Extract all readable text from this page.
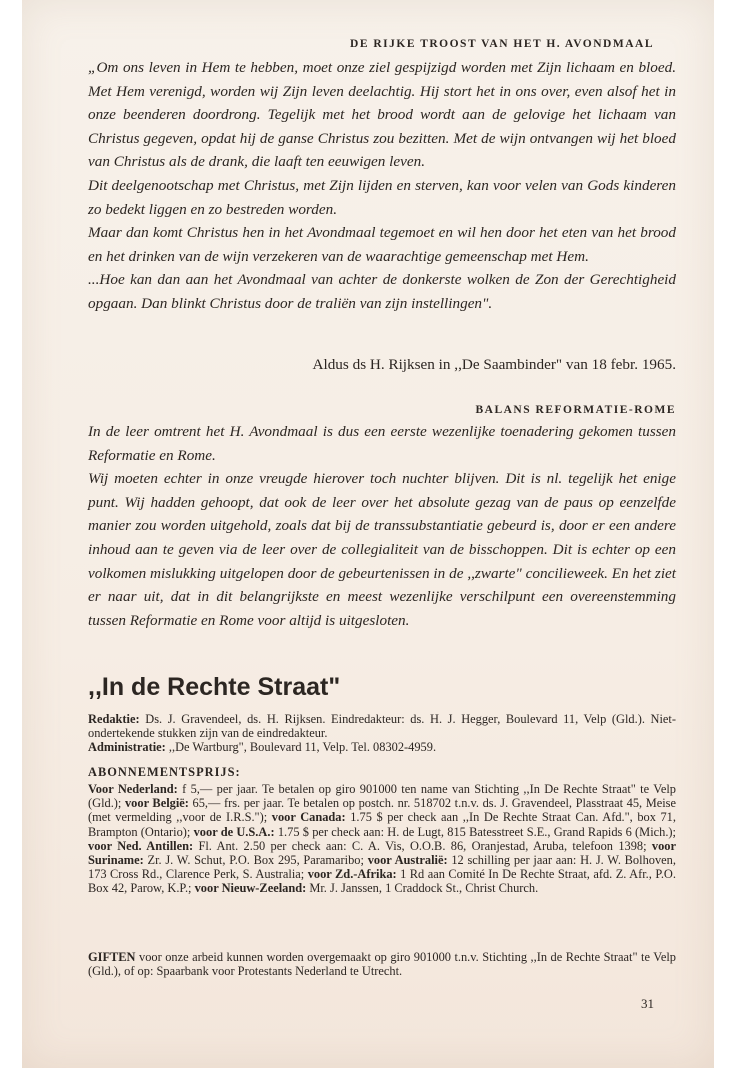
DE RIJKE TROOST VAN HET H. AVONDMAAL

„Om ons leven in Hem te hebben, moet onze ziel gespijzigd worden met Zijn lichaam en bloed. Met Hem verenigd, worden wij Zijn leven deelachtig. Hij stort het in ons over, even alsof het in onze beenderen doordrong. Tegelijk met het brood wordt aan de gelovige het lichaam van Christus gegeven, opdat hij de ganse Christus zou bezitten. Met de wijn ontvangen wij het bloed van Christus als de drank, die laaft ten eeuwigen leven.

Dit deelgenootschap met Christus, met Zijn lijden en sterven, kan voor velen van Gods kinderen zo bedekt liggen en zo bestreden worden.

Maar dan komt Christus hen in het Avondmaal tegemoet en wil hen door het eten van het brood en het drinken van de wijn verzekeren van de waarachtige gemeenschap met Hem.

...Hoe kan dan aan het Avondmaal van achter de donkerste wolken de Zon der Gerechtigheid opgaan. Dan blinkt Christus door de traliën van zijn instellingen".

Aldus ds H. Rijksen in ,,De Saambinder" van 18 febr. 1965.

BALANS REFORMATIE-ROME

In de leer omtrent het H. Avondmaal is dus een eerste wezenlijke toenadering gekomen tussen Reformatie en Rome.

Wij moeten echter in onze vreugde hierover toch nuchter blijven. Dit is nl. tegelijk het enige punt. Wij hadden gehoopt, dat ook de leer over het absolute gezag van de paus op eenzelfde manier zou worden uitgehold, zoals dat bij de transsubstantiatie gebeurd is, door er een andere inhoud aan te geven via de leer over de collegialiteit van de bisschoppen. Dit is echter op een volkomen mislukking uitgelopen door de gebeurtenissen in de ,,zwarte" concilieweek. En het ziet er naar uit, dat in dit belangrijkste en meest wezenlijke verschilpunt een overeenstemming tussen Reformatie en Rome voor altijd is uitgesloten.

,,In de Rechte Straat"

Redaktie: Ds. J. Gravendeel, ds. H. Rijksen. Eindredakteur: ds. H. J. Hegger, Boulevard 11, Velp (Gld.). Niet-ondertekende stukken zijn van de eindredakteur.

Administratie: ,,De Wartburg", Boulevard 11, Velp. Tel. 08302-4959.

ABONNEMENTSPRIJS:

Voor Nederland: f 5,— per jaar. Te betalen op giro 901000 ten name van Stichting ,,In De Rechte Straat" te Velp (Gld.); voor België: 65,— frs. per jaar. Te betalen op postch. nr. 518702 t.n.v. ds. J. Gravendeel, Plasstraat 45, Meise (met vermelding ,,voor de I.R.S."); voor Canada: 1.75 $ per check aan ,,In De Rechte Straat Can. Afd.", box 71, Brampton (Ontario); voor de U.S.A.: 1.75 $ per check aan: H. de Lugt, 815 Batesstreet S.E., Grand Rapids 6 (Mich.); voor Ned. Antillen: Fl. Ant. 2.50 per check aan: C. A. Vis, O.O.B. 86, Oranjestad, Aruba, telefoon 1398; voor Suriname: Zr. J. W. Schut, P.O. Box 295, Paramaribo; voor Australië: 12 schilling per jaar aan: H. J. W. Bolhoven, 173 Cross Rd., Clarence Perk, S. Australia; voor Zd.-Afrika: 1 Rd aan Comité In De Rechte Straat, afd. Z. Afr., P.O. Box 42, Parow, K.P.; voor Nieuw-Zeeland: Mr. J. Janssen, 1 Craddock St., Christ Church.

GIFTEN voor onze arbeid kunnen worden overgemaakt op giro 901000 t.n.v. Stichting ,,In de Rechte Straat" te Velp (Gld.), of op: Spaarbank voor Protestants Nederland te Utrecht.

31
